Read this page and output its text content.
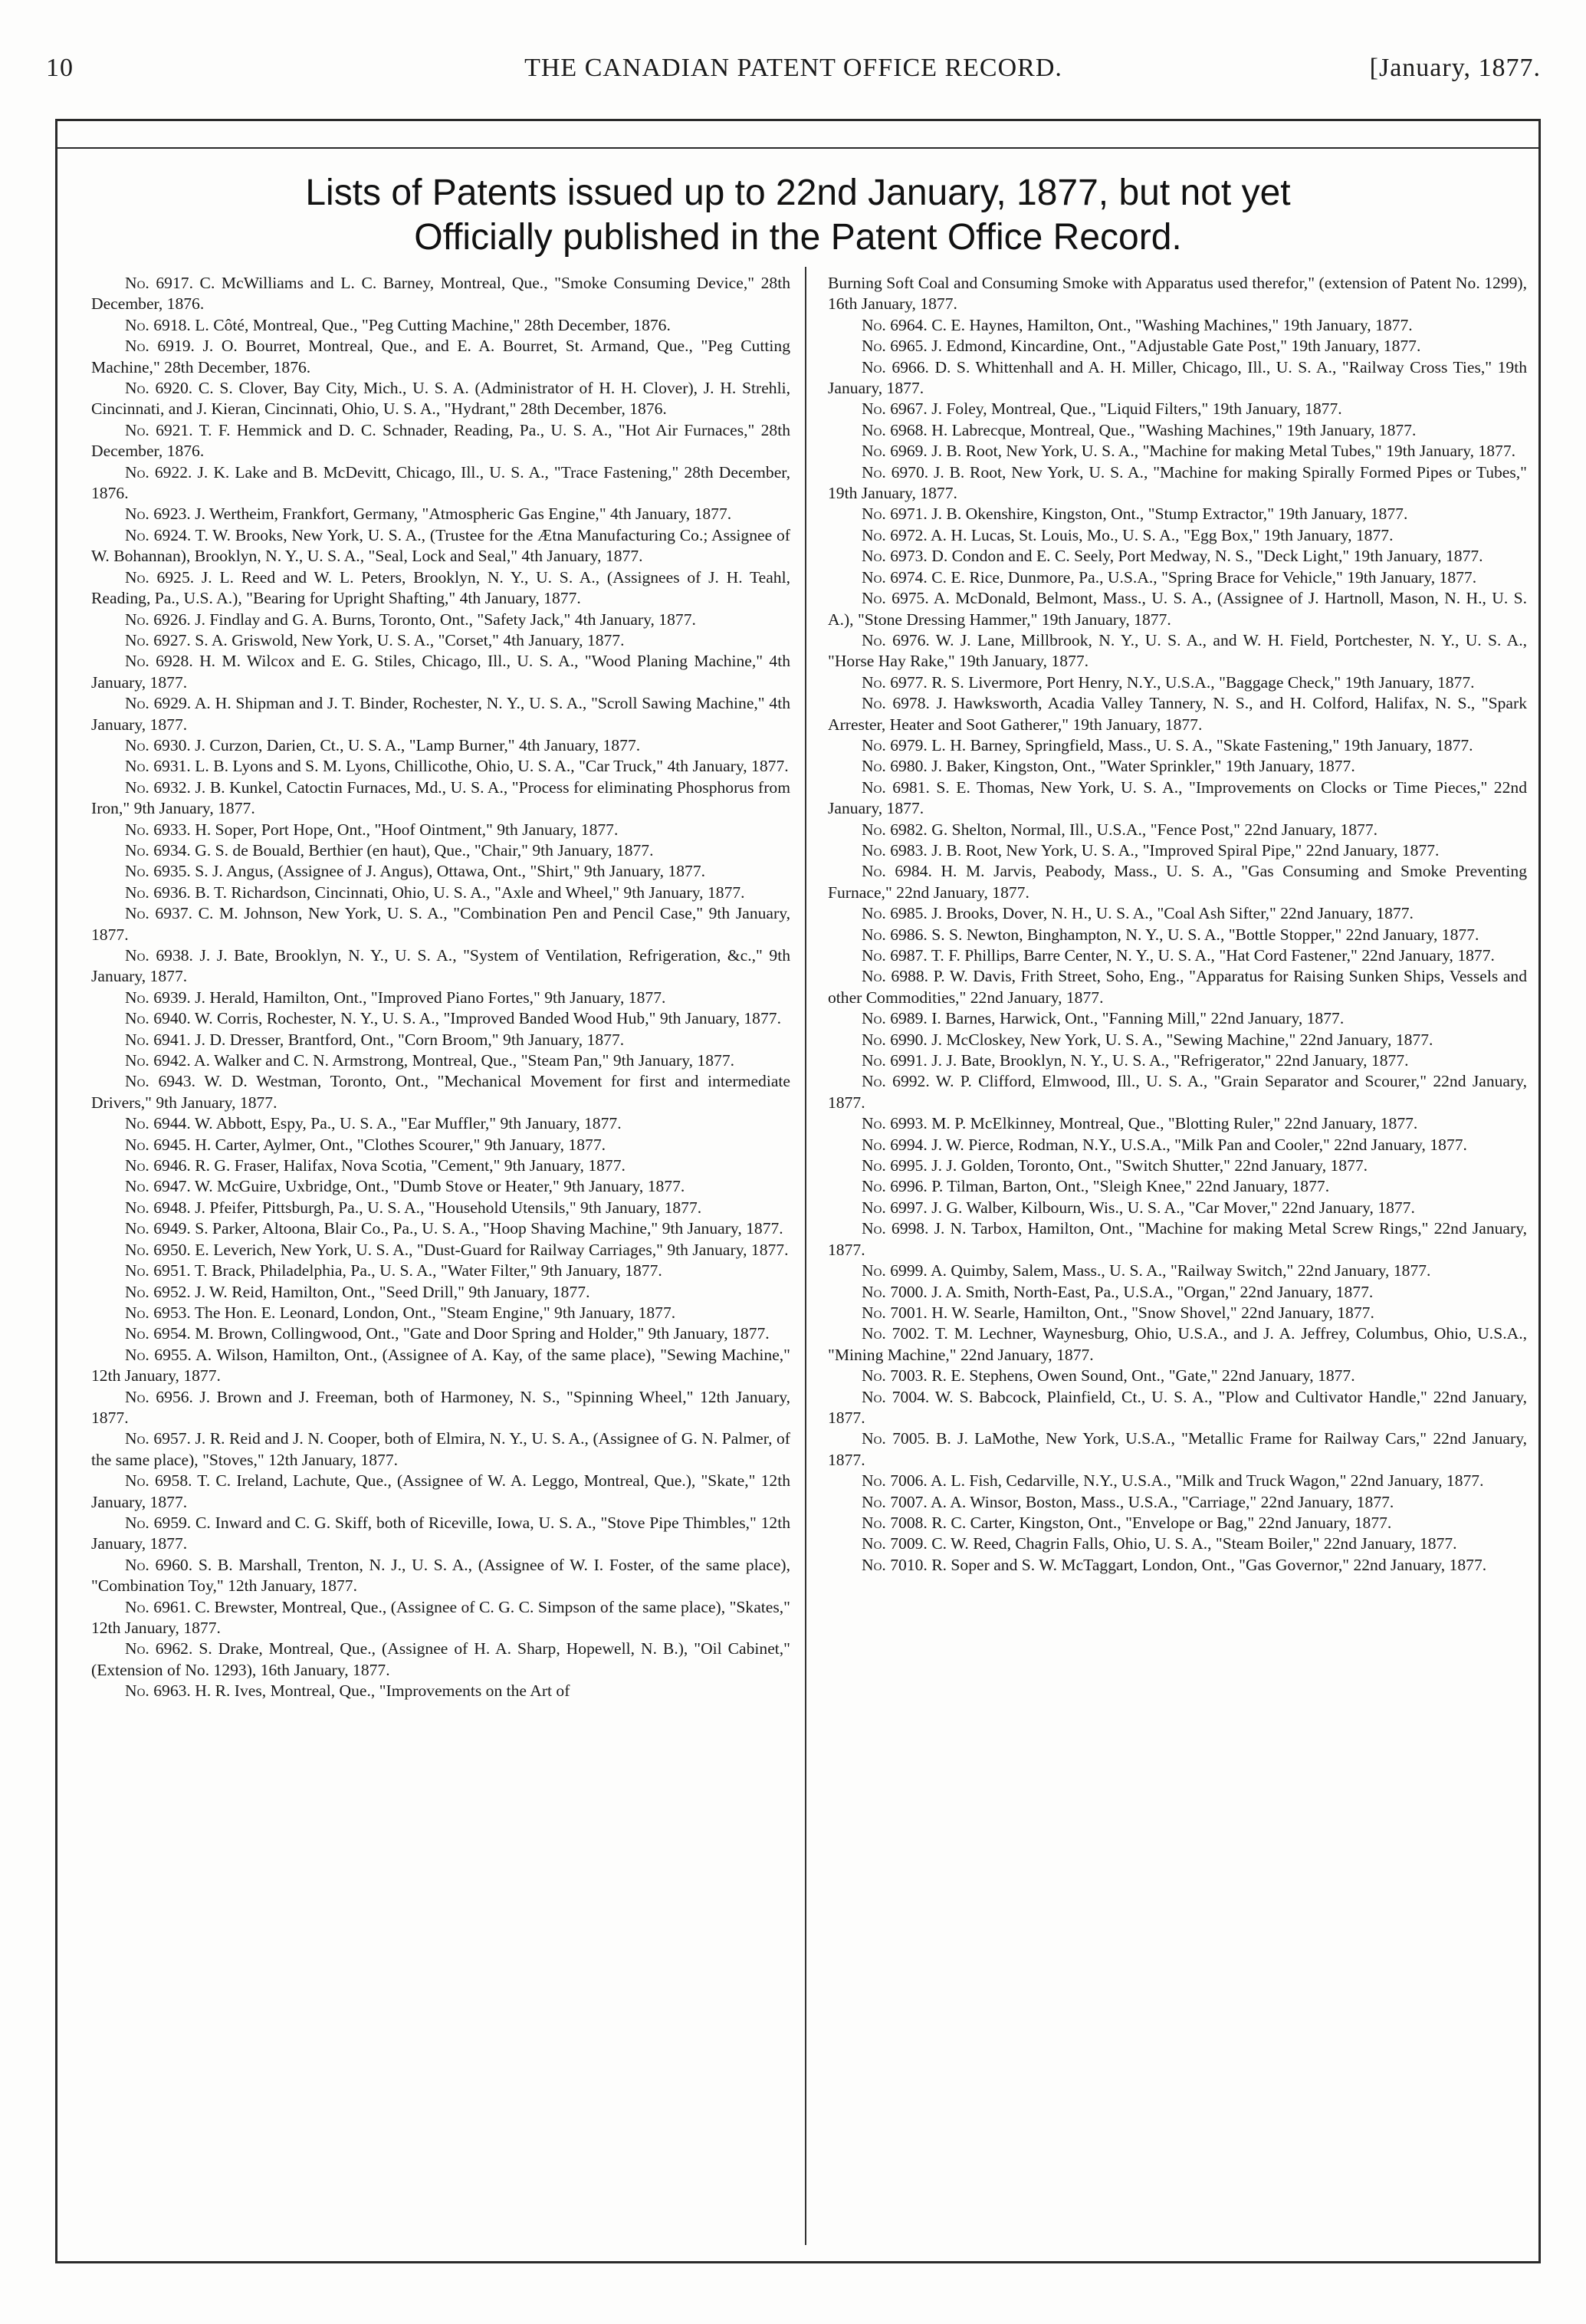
10	THE CANADIAN PATENT OFFICE RECORD.	[January, 1877.
Lists of Patents issued up to 22nd January, 1877, but not yet
Officially published in the Patent Office Record.

No. 6917. C. McWilliams and L. C. Barney, Montreal, Que., "Smoke Consuming Device," 28th December, 1876.

No. 6918. L. Côté, Montreal, Que., "Peg Cutting Machine," 28th December, 1876.

No. 6919. J. O. Bourret, Montreal, Que., and E. A. Bourret, St. Armand, Que., "Peg Cutting Machine," 28th December, 1876.

No. 6920. C. S. Clover, Bay City, Mich., U. S. A. (Administrator of H. H. Clover), J. H. Strehli, Cincinnati, and J. Kieran, Cincinnati, Ohio, U. S. A., "Hydrant," 28th December, 1876.

No. 6921. T. F. Hemmick and D. C. Schnader, Reading, Pa., U. S. A., "Hot Air Furnaces," 28th December, 1876.

No. 6922. J. K. Lake and B. McDevitt, Chicago, Ill., U. S. A., "Trace Fastening," 28th December, 1876.

No. 6923. J. Wertheim, Frankfort, Germany, "Atmospheric Gas Engine," 4th January, 1877.

No. 6924. T. W. Brooks, New York, U. S. A., (Trustee for the Ætna Manufacturing Co.; Assignee of W. Bohannan), Brooklyn, N. Y., U. S. A., "Seal, Lock and Seal," 4th January, 1877.

No. 6925. J. L. Reed and W. L. Peters, Brooklyn, N. Y., U. S. A., (Assignees of J. H. Teahl, Reading, Pa., U.S. A.), "Bearing for Upright Shafting," 4th January, 1877.

No. 6926. J. Findlay and G. A. Burns, Toronto, Ont., "Safety Jack," 4th January, 1877.

No. 6927. S. A. Griswold, New York, U. S. A., "Corset," 4th January, 1877.

No. 6928. H. M. Wilcox and E. G. Stiles, Chicago, Ill., U. S. A., "Wood Planing Machine," 4th January, 1877.

No. 6929. A. H. Shipman and J. T. Binder, Rochester, N. Y., U. S. A., "Scroll Sawing Machine," 4th January, 1877.

No. 6930. J. Curzon, Darien, Ct., U. S. A., "Lamp Burner," 4th January, 1877.

No. 6931. L. B. Lyons and S. M. Lyons, Chillicothe, Ohio, U. S. A., "Car Truck," 4th January, 1877.

No. 6932. J. B. Kunkel, Catoctin Furnaces, Md., U. S. A., "Process for eliminating Phosphorus from Iron," 9th January, 1877.

No. 6933. H. Soper, Port Hope, Ont., "Hoof Ointment," 9th January, 1877.

No. 6934. G. S. de Bouald, Berthier (en haut), Que., "Chair," 9th January, 1877.

No. 6935. S. J. Angus, (Assignee of J. Angus), Ottawa, Ont., "Shirt," 9th January, 1877.

No. 6936. B. T. Richardson, Cincinnati, Ohio, U. S. A., "Axle and Wheel," 9th January, 1877.

No. 6937. C. M. Johnson, New York, U. S. A., "Combination Pen and Pencil Case," 9th January, 1877.

No. 6938. J. J. Bate, Brooklyn, N. Y., U. S. A., "System of Ventilation, Refrigeration, &c.," 9th January, 1877.

No. 6939. J. Herald, Hamilton, Ont., "Improved Piano Fortes," 9th January, 1877.

No. 6940. W. Corris, Rochester, N. Y., U. S. A., "Improved Banded Wood Hub," 9th January, 1877.

No. 6941. J. D. Dresser, Brantford, Ont., "Corn Broom," 9th January, 1877.

No. 6942. A. Walker and C. N. Armstrong, Montreal, Que., "Steam Pan," 9th January, 1877.

No. 6943. W. D. Westman, Toronto, Ont., "Mechanical Movement for first and intermediate Drivers," 9th January, 1877.

No. 6944. W. Abbott, Espy, Pa., U. S. A., "Ear Muffler," 9th January, 1877.

No. 6945. H. Carter, Aylmer, Ont., "Clothes Scourer," 9th January, 1877.

No. 6946. R. G. Fraser, Halifax, Nova Scotia, "Cement," 9th January, 1877.

No. 6947. W. McGuire, Uxbridge, Ont., "Dumb Stove or Heater," 9th January, 1877.

No. 6948. J. Pfeifer, Pittsburgh, Pa., U. S. A., "Household Utensils," 9th January, 1877.

No. 6949. S. Parker, Altoona, Blair Co., Pa., U. S. A., "Hoop Shaving Machine," 9th January, 1877.

No. 6950. E. Leverich, New York, U. S. A., "Dust-Guard for Railway Carriages," 9th January, 1877.

No. 6951. T. Brack, Philadelphia, Pa., U. S. A., "Water Filter," 9th January, 1877.

No. 6952. J. W. Reid, Hamilton, Ont., "Seed Drill," 9th January, 1877.

No. 6953. The Hon. E. Leonard, London, Ont., "Steam Engine," 9th January, 1877.

No. 6954. M. Brown, Collingwood, Ont., "Gate and Door Spring and Holder," 9th January, 1877.

No. 6955. A. Wilson, Hamilton, Ont., (Assignee of A. Kay, of the same place), "Sewing Machine," 12th January, 1877.

No. 6956. J. Brown and J. Freeman, both of Harmoney, N. S., "Spinning Wheel," 12th January, 1877.

No. 6957. J. R. Reid and J. N. Cooper, both of Elmira, N. Y., U. S. A., (Assignee of G. N. Palmer, of the same place), "Stoves," 12th January, 1877.

No. 6958. T. C. Ireland, Lachute, Que., (Assignee of W. A. Leggo, Montreal, Que.), "Skate," 12th January, 1877.

No. 6959. C. Inward and C. G. Skiff, both of Riceville, Iowa, U. S. A., "Stove Pipe Thimbles," 12th January, 1877.

No. 6960. S. B. Marshall, Trenton, N. J., U. S. A., (Assignee of W. I. Foster, of the same place), "Combination Toy," 12th January, 1877.

No. 6961. C. Brewster, Montreal, Que., (Assignee of C. G. C. Simpson of the same place), "Skates," 12th January, 1877.

No. 6962. S. Drake, Montreal, Que., (Assignee of H. A. Sharp, Hopewell, N. B.), "Oil Cabinet," (Extension of No. 1293), 16th January, 1877.

No. 6963. H. R. Ives, Montreal, Que., "Improvements on the Art of

Burning Soft Coal and Consuming Smoke with Apparatus used therefor," (extension of Patent No. 1299), 16th January, 1877.

No. 6964. C. E. Haynes, Hamilton, Ont., "Washing Machines," 19th January, 1877.

No. 6965. J. Edmond, Kincardine, Ont., "Adjustable Gate Post," 19th January, 1877.

No. 6966. D. S. Whittenhall and A. H. Miller, Chicago, Ill., U. S. A., "Railway Cross Ties," 19th January, 1877.

No. 6967. J. Foley, Montreal, Que., "Liquid Filters," 19th January, 1877.

No. 6968. H. Labrecque, Montreal, Que., "Washing Machines," 19th January, 1877.

No. 6969. J. B. Root, New York, U. S. A., "Machine for making Metal Tubes," 19th January, 1877.

No. 6970. J. B. Root, New York, U. S. A., "Machine for making Spirally Formed Pipes or Tubes," 19th January, 1877.

No. 6971. J. B. Okenshire, Kingston, Ont., "Stump Extractor," 19th January, 1877.

No. 6972. A. H. Lucas, St. Louis, Mo., U. S. A., "Egg Box," 19th January, 1877.

No. 6973. D. Condon and E. C. Seely, Port Medway, N. S., "Deck Light," 19th January, 1877.

No. 6974. C. E. Rice, Dunmore, Pa., U.S.A., "Spring Brace for Vehicle," 19th January, 1877.

No. 6975. A. McDonald, Belmont, Mass., U. S. A., (Assignee of J. Hartnoll, Mason, N. H., U. S. A.), "Stone Dressing Hammer," 19th January, 1877.

No. 6976. W. J. Lane, Millbrook, N. Y., U. S. A., and W. H. Field, Portchester, N. Y., U. S. A., "Horse Hay Rake," 19th January, 1877.

No. 6977. R. S. Livermore, Port Henry, N.Y., U.S.A., "Baggage Check," 19th January, 1877.

No. 6978. J. Hawksworth, Acadia Valley Tannery, N. S., and H. Colford, Halifax, N. S., "Spark Arrester, Heater and Soot Gatherer," 19th January, 1877.

No. 6979. L. H. Barney, Springfield, Mass., U. S. A., "Skate Fastening," 19th January, 1877.

No. 6980. J. Baker, Kingston, Ont., "Water Sprinkler," 19th January, 1877.

No. 6981. S. E. Thomas, New York, U. S. A., "Improvements on Clocks or Time Pieces," 22nd January, 1877.

No. 6982. G. Shelton, Normal, Ill., U.S.A., "Fence Post," 22nd January, 1877.

No. 6983. J. B. Root, New York, U. S. A., "Improved Spiral Pipe," 22nd January, 1877.

No. 6984. H. M. Jarvis, Peabody, Mass., U. S. A., "Gas Consuming and Smoke Preventing Furnace," 22nd January, 1877.

No. 6985. J. Brooks, Dover, N. H., U. S. A., "Coal Ash Sifter," 22nd January, 1877.

No. 6986. S. S. Newton, Binghampton, N. Y., U. S. A., "Bottle Stopper," 22nd January, 1877.

No. 6987. T. F. Phillips, Barre Center, N. Y., U. S. A., "Hat Cord Fastener," 22nd January, 1877.

No. 6988. P. W. Davis, Frith Street, Soho, Eng., "Apparatus for Raising Sunken Ships, Vessels and other Commodities," 22nd January, 1877.

No. 6989. I. Barnes, Harwick, Ont., "Fanning Mill," 22nd January, 1877.

No. 6990. J. McCloskey, New York, U. S. A., "Sewing Machine," 22nd January, 1877.

No. 6991. J. J. Bate, Brooklyn, N. Y., U. S. A., "Refrigerator," 22nd January, 1877.

No. 6992. W. P. Clifford, Elmwood, Ill., U. S. A., "Grain Separator and Scourer," 22nd January, 1877.

No. 6993. M. P. McElkinney, Montreal, Que., "Blotting Ruler," 22nd January, 1877.

No. 6994. J. W. Pierce, Rodman, N.Y., U.S.A., "Milk Pan and Cooler," 22nd January, 1877.

No. 6995. J. J. Golden, Toronto, Ont., "Switch Shutter," 22nd January, 1877.

No. 6996. P. Tilman, Barton, Ont., "Sleigh Knee," 22nd January, 1877.

No. 6997. J. G. Walber, Kilbourn, Wis., U. S. A., "Car Mover," 22nd January, 1877.

No. 6998. J. N. Tarbox, Hamilton, Ont., "Machine for making Metal Screw Rings," 22nd January, 1877.

No. 6999. A. Quimby, Salem, Mass., U. S. A., "Railway Switch," 22nd January, 1877.

No. 7000. J. A. Smith, North-East, Pa., U.S.A., "Organ," 22nd January, 1877.

No. 7001. H. W. Searle, Hamilton, Ont., "Snow Shovel," 22nd January, 1877.

No. 7002. T. M. Lechner, Waynesburg, Ohio, U.S.A., and J. A. Jeffrey, Columbus, Ohio, U.S.A., "Mining Machine," 22nd January, 1877.

No. 7003. R. E. Stephens, Owen Sound, Ont., "Gate," 22nd January, 1877.

No. 7004. W. S. Babcock, Plainfield, Ct., U. S. A., "Plow and Cultivator Handle," 22nd January, 1877.

No. 7005. B. J. LaMothe, New York, U.S.A., "Metallic Frame for Railway Cars," 22nd January, 1877.

No. 7006. A. L. Fish, Cedarville, N.Y., U.S.A., "Milk and Truck Wagon," 22nd January, 1877.

No. 7007. A. A. Winsor, Boston, Mass., U.S.A., "Carriage," 22nd January, 1877.

No. 7008. R. C. Carter, Kingston, Ont., "Envelope or Bag," 22nd January, 1877.

No. 7009. C. W. Reed, Chagrin Falls, Ohio, U. S. A., "Steam Boiler," 22nd January, 1877.

No. 7010. R. Soper and S. W. McTaggart, London, Ont., "Gas Governor," 22nd January, 1877.
